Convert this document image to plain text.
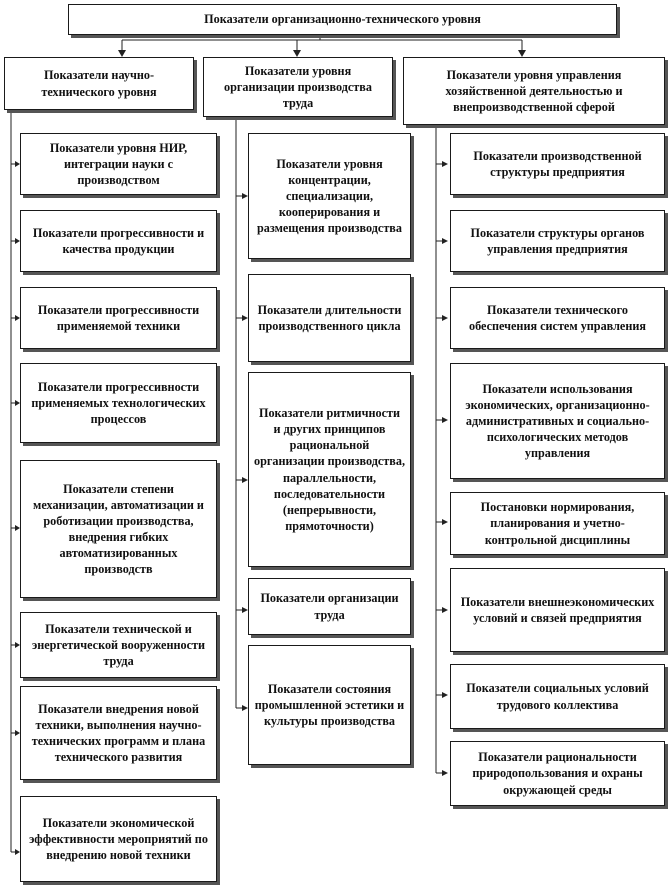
Показатели организационно-технического уровня
Показатели научно-технического уровня
Показатели уровня организации производства труда
Показатели уровня управления хозяйственной деятельностью и внепроизводственной сферой
Показатели уровня НИР, интеграции науки с производством
Показатели прогрессивности и качества продукции
Показатели прогрессивности применяемой техники
Показатели прогрессивности применяемых технологических процессов
Показатели степени механизации, автоматизации и роботизации производства, внедрения гибких автоматизированных производств
Показатели технической и энергетической вооруженности труда
Показатели внедрения новой техники, выполнения научно-технических программ и плана технического развития
Показатели экономической эффективности мероприятий по внедрению новой техники
Показатели уровня концентрации, специализации, кооперирования и размещения производства
Показатели длительности производственного цикла
Показатели ритмичности и других принципов рациональной организации производства, параллельности, последовательности (непрерывности, прямоточности)
Показатели организации труда
Показатели состояния промышленной эстетики и культуры производства
Показатели производственной структуры предприятия
Показатели структуры органов управления предприятия
Показатели технического обеспечения систем управления
Показатели использования экономических, организационно-административных и социально-психологических методов управления
Постановки нормирования, планирования и учетно-контрольной дисциплины
Показатели внешнеэкономических условий и связей предприятия
Показатели социальных условий трудового коллектива
Показатели рациональности природопользования и охраны окружающей среды
